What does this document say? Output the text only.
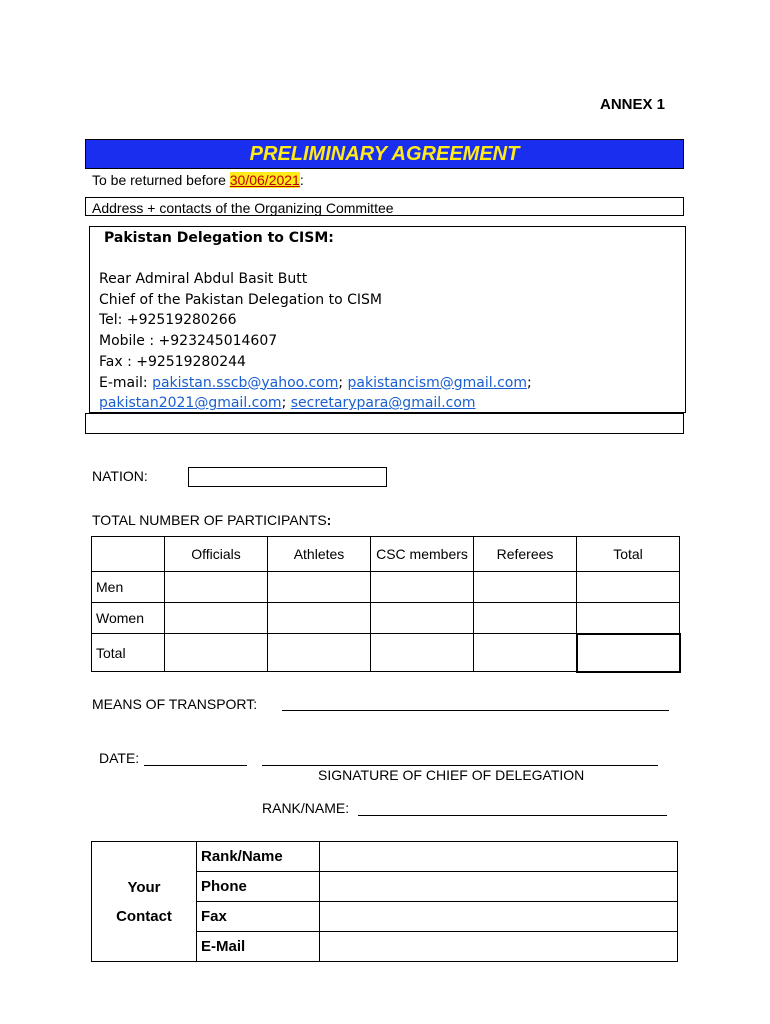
ANNEX 1
PRELIMINARY AGREEMENT
To be returned before 30/06/2021:
Address + contacts of the Organizing Committee
Pakistan Delegation to CISM:
Rear Admiral Abdul Basit Butt
Chief of the Pakistan Delegation to CISM
Tel: +92519280266
Mobile : +923245014607
Fax : +92519280244
E-mail: pakistan.sscb@yahoo.com; pakistancism@gmail.com;
pakistan2021@gmail.com; secretarypara@gmail.com
NATION:
TOTAL NUMBER OF PARTICIPANTS:
	Officials	Athletes	CSC members	Referees	Total
Men					
Women					
Total					
MEANS OF TRANSPORT:
DATE:
SIGNATURE OF CHIEF OF DELEGATION
RANK/NAME:
Your
Contact	Rank/Name	
	Phone	
	Fax	
	E-Mail	
